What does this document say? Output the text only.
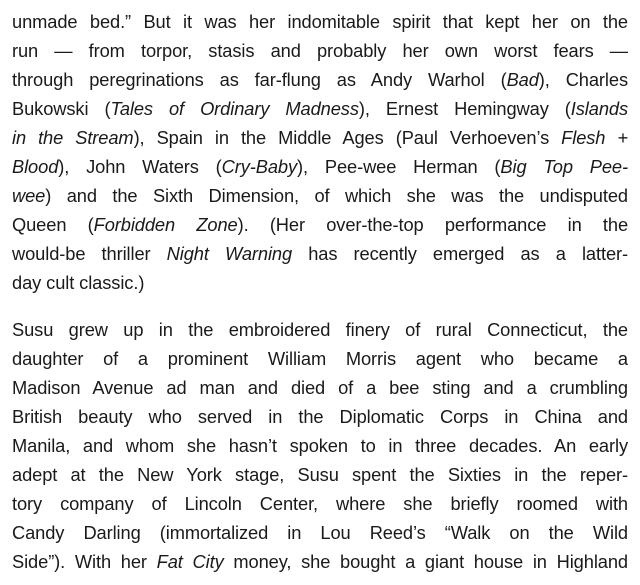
unmade bed.” But it was her indomitable spirit that kept her on the
run — from torpor, stasis and probably her own worst fears —
through peregrinations as far-flung as Andy Warhol (Bad), Charles
Bukowski (Tales of Ordinary Madness), Ernest Hemingway (Islands
in the Stream), Spain in the Middle Ages (Paul Verhoeven’s Flesh +
Blood), John Waters (Cry-Baby), Pee-wee Herman (Big Top Pee-
wee) and the Sixth Dimension, of which she was the undisputed
Queen (Forbidden Zone). (Her over-the-top performance in the
would-be thriller Night Warning has recently emerged as a latter-
day cult classic.)
Susu grew up in the embroidered finery of rural Connecticut, the
daughter of a prominent William Morris agent who became a
Madison Avenue ad man and died of a bee sting and a crumbling
British beauty who served in the Diplomatic Corps in China and
Manila, and whom she hasn’t spoken to in three decades. An early
adept at the New York stage, Susu spent the Sixties in the reper-
tory company of Lincoln Center, where she briefly roomed with
Candy Darling (immortalized in Lou Reed’s “Walk on the Wild
Side”). With her Fat City money, she bought a giant house in Highland
